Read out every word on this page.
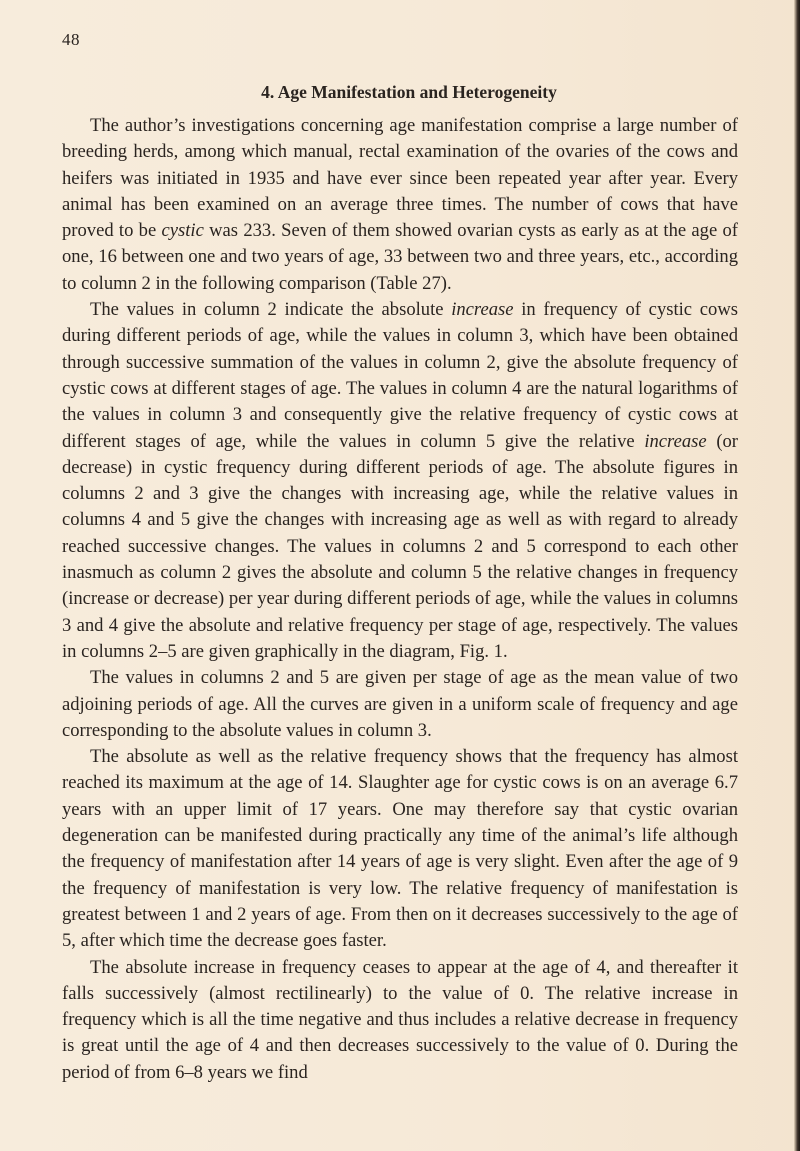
48
4. Age Manifestation and Heterogeneity

The author’s investigations concerning age manifestation comprise a large number of breeding herds, among which manual, rectal examination of the ovaries of the cows and heifers was initiated in 1935 and have ever since been repeated year after year. Every animal has been examined on an average three times. The number of cows that have proved to be cystic was 233. Seven of them showed ovarian cysts as early as at the age of one, 16 between one and two years of age, 33 between two and three years, etc., according to column 2 in the following comparison (Table 27).

The values in column 2 indicate the absolute increase in frequency of cystic cows during different periods of age, while the values in column 3, which have been obtained through successive summation of the values in column 2, give the absolute frequency of cystic cows at different stages of age. The values in column 4 are the natural logarithms of the values in column 3 and consequently give the relative frequency of cystic cows at different stages of age, while the values in column 5 give the relative increase (or decrease) in cystic frequency during different periods of age. The absolute figures in columns 2 and 3 give the changes with increasing age, while the relative values in columns 4 and 5 give the changes with increasing age as well as with regard to already reached successive changes. The values in columns 2 and 5 correspond to each other inasmuch as column 2 gives the absolute and column 5 the relative changes in frequency (increase or decrease) per year during different periods of age, while the values in columns 3 and 4 give the absolute and relative frequency per stage of age, respectively. The values in columns 2–5 are given graphically in the diagram, Fig. 1.

The values in columns 2 and 5 are given per stage of age as the mean value of two adjoining periods of age. All the curves are given in a uniform scale of frequency and age corresponding to the absolute values in column 3.

The absolute as well as the relative frequency shows that the frequency has almost reached its maximum at the age of 14. Slaughter age for cystic cows is on an average 6.7 years with an upper limit of 17 years. One may therefore say that cystic ovarian degeneration can be manifested during practically any time of the animal’s life although the frequency of manifestation after 14 years of age is very slight. Even after the age of 9 the frequency of manifestation is very low. The relative frequency of manifestation is greatest between 1 and 2 years of age. From then on it decreases successively to the age of 5, after which time the decrease goes faster.

The absolute increase in frequency ceases to appear at the age of 4, and thereafter it falls successively (almost rectilinearly) to the value of 0. The relative increase in frequency which is all the time negative and thus includes a relative decrease in frequency is great until the age of 4 and then decreases successively to the value of 0. During the period of from 6–8 years we find
